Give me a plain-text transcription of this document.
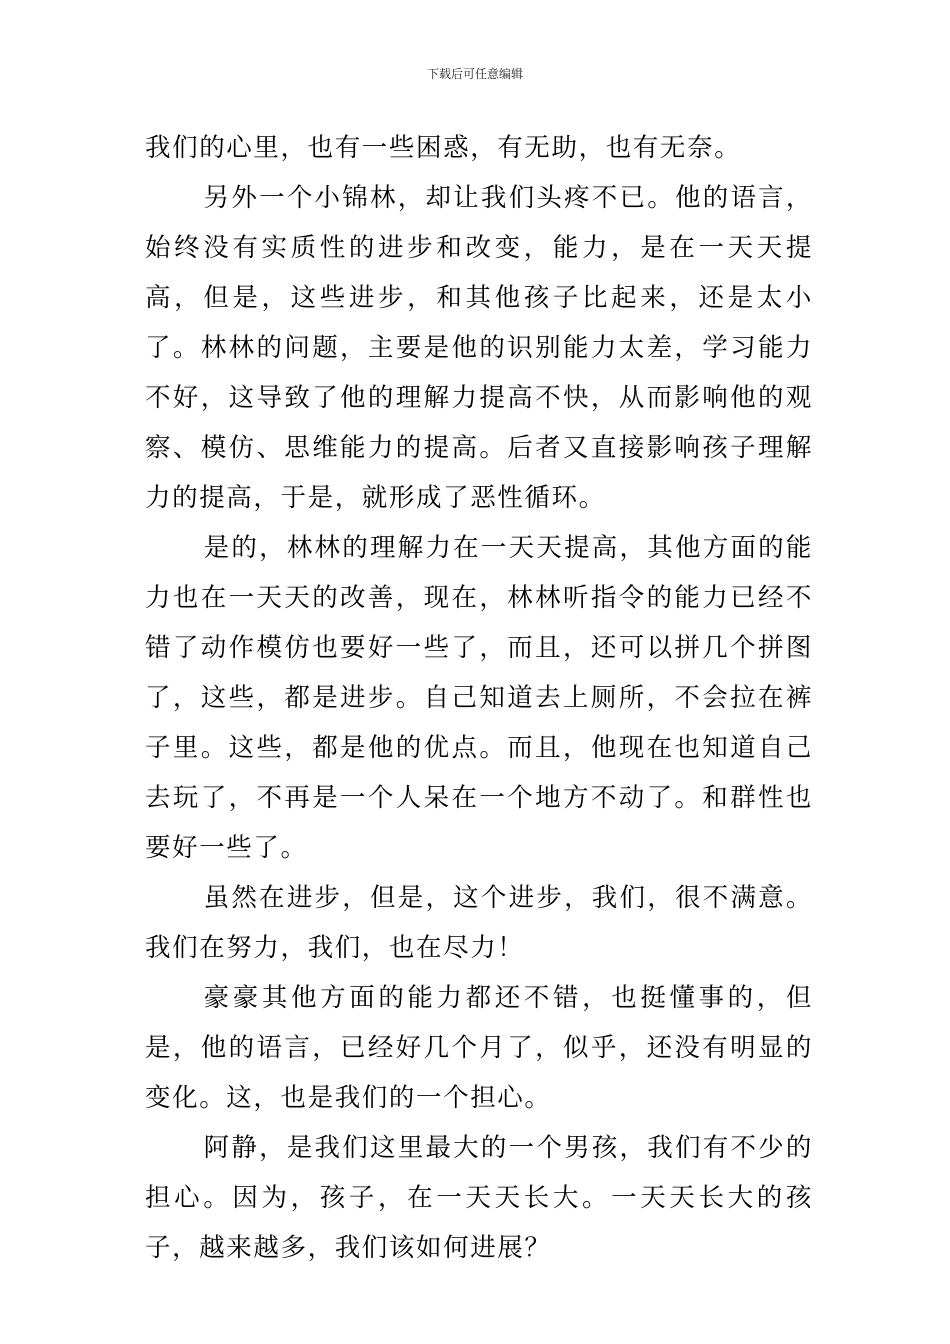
下载后可任意编辑

我们的心里，也有一些困惑，有无助，也有无奈。

另外一个小锦林，却让我们头疼不已。他的语言，始终没有实质性的进步和改变，能力，是在一天天提高，但是，这些进步，和其他孩子比起来，还是太小了。林林的问题，主要是他的识别能力太差，学习能力不好，这导致了他的理解力提高不快，从而影响他的观察、模仿、思维能力的提高。后者又直接影响孩子理解力的提高，于是，就形成了恶性循环。

是的，林林的理解力在一天天提高，其他方面的能力也在一天天的改善，现在，林林听指令的能力已经不错了动作模仿也要好一些了，而且，还可以拼几个拼图了，这些，都是进步。自己知道去上厕所，不会拉在裤子里。这些，都是他的优点。而且，他现在也知道自己去玩了，不再是一个人呆在一个地方不动了。和群性也要好一些了。

虽然在进步，但是，这个进步，我们，很不满意。我们在努力，我们，也在尽力！

豪豪其他方面的能力都还不错，也挺懂事的，但是，他的语言，已经好几个月了，似乎，还没有明显的变化。这，也是我们的一个担心。

阿静，是我们这里最大的一个男孩，我们有不少的担心。因为，孩子，在一天天长大。一天天长大的孩子，越来越多，我们该如何进展？
